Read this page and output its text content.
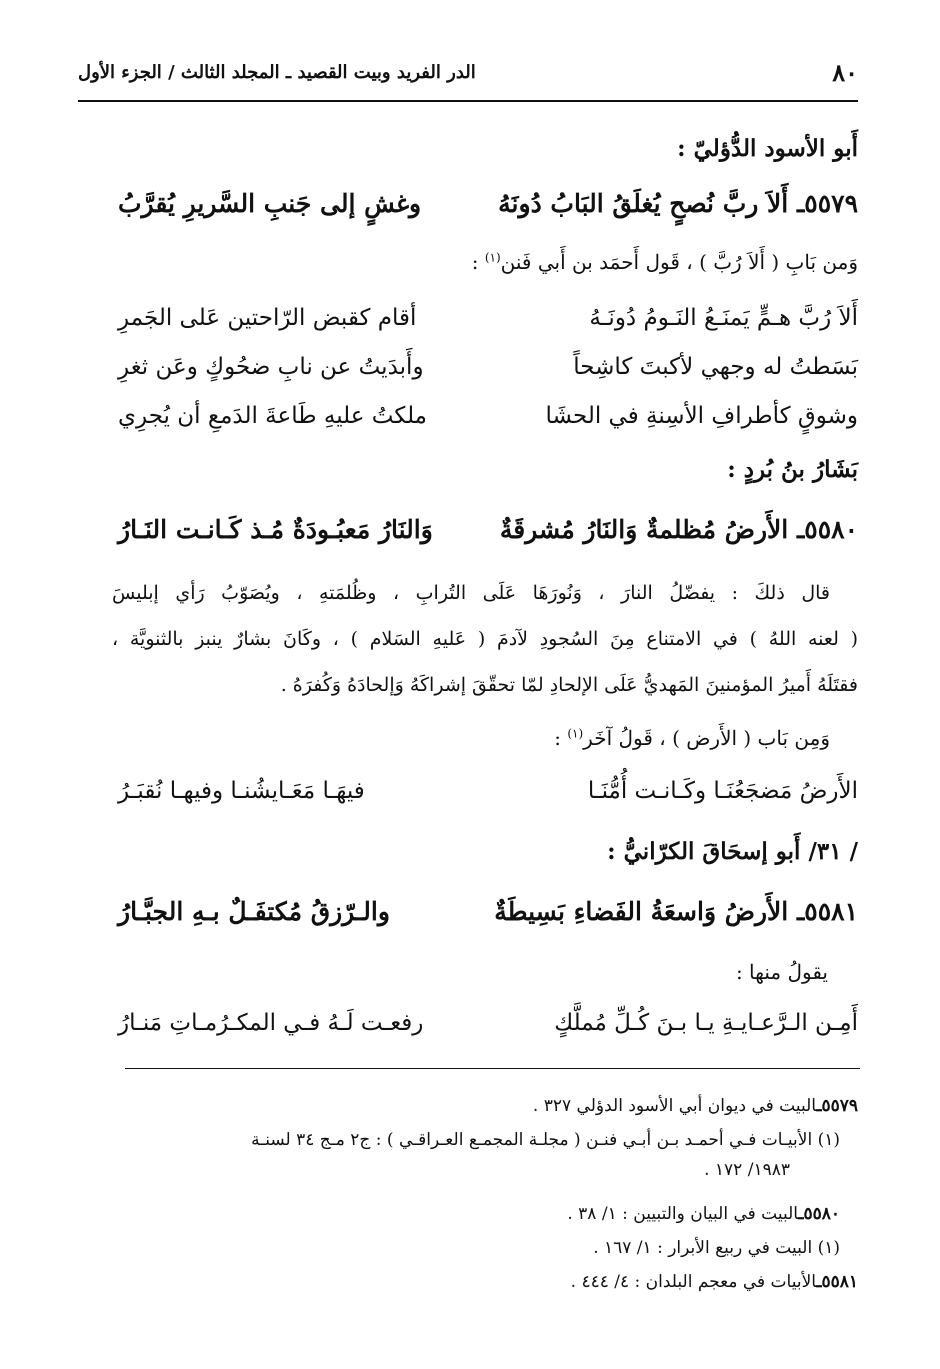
٨٠
الدر الفريد وبيت القصيد ـ المجلد الثالث / الجزء الأول
أَبو الأسود الدُّؤليّ :
٥٥٧٩ـ أَلاَ ربَّ نُصحٍ يُغلَقُ البَابُ دُونَهُ
وغشٍ إلى جَنبِ السَّريرِ يُقرَّبُ
وَمن بَابِ ( أَلاَ رُبَّ ) ، قَول أَحمَد بن أَبي فَنن$^{(١)}$ :
أَلاَ رُبَّ هـمٍّ يَمنَـعُ النَـومُ دُونَـهُ
أقام كقبض الرّاحتين عَلى الجَمرِ
بَسَطتُ له وجهي لأكبتَ كاشِحاً
وأَبدَيتُ عن نابِ ضحُوكٍ وعَن ثغرِ
وشوقٍ كأطرافِ الأسِنةِ في الحشَا
ملكتُ عليهِ طَاعةَ الدَمعِ أن يُجرِي
بَشَارُ بنُ بُردٍ :
٥٥٨٠ـ الأَرضُ مُظلمةٌ وَالنَارُ مُشرقَةٌ
وَالنَارُ مَعبُـودَةٌ مُـذ كَـانـت النَـارُ
قال ذلكَ : يفضّلُ النارَ ، وَنُورَهَا عَلَى التُرابِ ، وظُلمَتهِ ، ويُصَوّبُ رَأي إبليسَ
( لعنه اللهُ ) في الامتناع مِنَ السُجودِ لآدمَ ( عَليهِ السَلام ) ، وكَانَ بشارٌ ينبز بالثنويَّة ،
فقتَلَهُ أَميرُ المؤمنينَ المَهديُّ عَلَى الإلحادِ لمّا تحقّقَ إشراكَهُ وَإلحادَهُ وَكُفرَهُ .
وَمِن بَاب ( الأَرض ) ، قَولُ آخَر$^{(١)}$ :
الأَرضُ مَضجَعُنَـا وكَـانـت أُمُّنَـا
فيهَـا مَعَـايشُنـا وفيهـا نُقبَـرُ
/ ٣١/ أَبو إسحَاقَ الكرّانيُّ :
٥٥٨١ـ الأَرضُ وَاسعَةُ الفَضاءِ بَسِيطَةٌ
والـرّزقُ مُكتفَـلٌ بـهِ الجبَّـارُ
يقولُ منها :
أَمِـن الـرَّعـايـةِ يـا بـنَ كُـلِّ مُملَّكٍ
رفعـت لَـهُ فـي المكـرُمـاتِ مَنـارُ
٥٥٧٩ـالبيت في ديوان أبي الأسود الدؤلي ٣٢٧ .
(١) الأبيـات فـي أحمـد بـن أبـي فنـن ( مجلـة المجمـع العـراقـي ) : ج٢ مـج ٣٤ لسنـة
١٩٨٣/ ١٧٢ .
٥٥٨٠ـالبيت في البيان والتبيين : ١/ ٣٨ .
(١) البيت في ربيع الأبرار : ١/ ١٦٧ .
٥٥٨١ـالأبيات في معجم البلدان : ٤/ ٤٤٤ .
